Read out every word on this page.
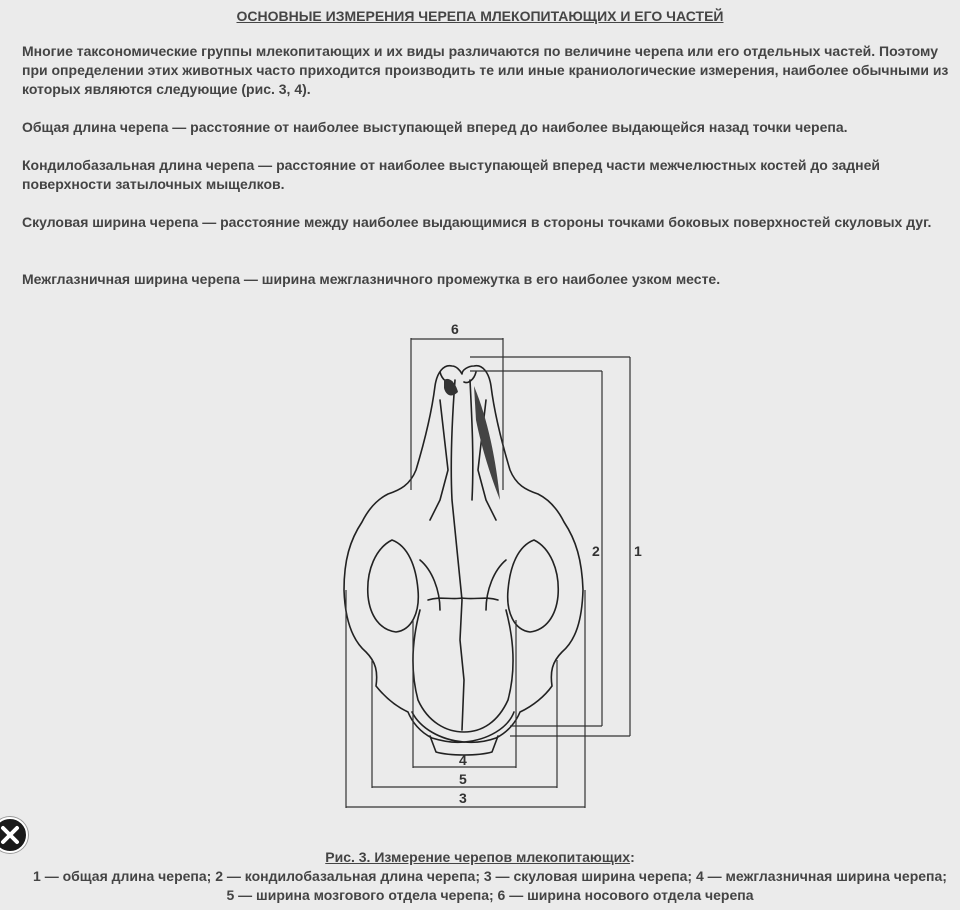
ОСНОВНЫЕ ИЗМЕРЕНИЯ ЧЕРЕПА МЛЕКОПИТАЮЩИХ И ЕГО ЧАСТЕЙ
Многие таксономические группы млекопитающих и их виды различаются по величине черепа или его отдельных частей. Поэтому при определении этих животных часто приходится производить те или иные краниологические измерения, наиболее обычными из которых являются следующие (рис. 3, 4).
Общая длина черепа — расстояние от наиболее выступающей вперед до наиболее выдающейся назад точки черепа.
Кондилобазальная длина черепа — расстояние от наиболее выступающей вперед части межчелюстных костей до задней поверхности затылочных мыщелков.
Скуловая ширина черепа — расстояние между наиболее выдающимися в стороны точками боковых поверхностей скуловых дуг.
Межглазничная ширина черепа — ширина межглазничного промежутка в его наиболее узком месте.
6
1
2
4
5
3
Рис. 3. Измерение черепов млекопитающих:
1 — общая длина черепа; 2 — кондилобазальная длина черепа; 3 — скуловая ширина черепа; 4 — межглазничная ширина черепа; 5 — ширина мозгового отдела черепа; 6 — ширина носового отдела черепа
